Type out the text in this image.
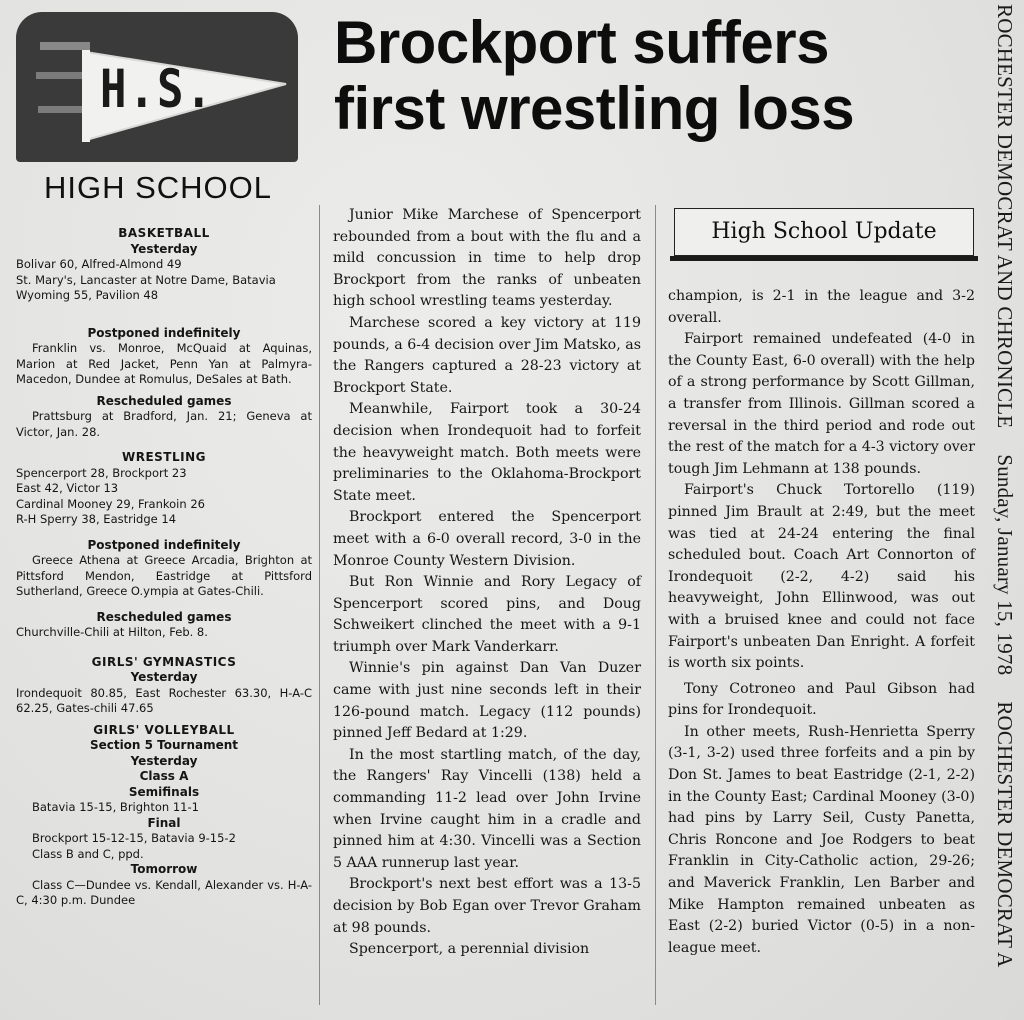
H.S.
HIGH SCHOOL
BASKETBALL
Yesterday
Bolivar 60, Alfred-Almond 49
St. Mary's, Lancaster at Notre Dame, Batavia
Wyoming 55, Pavilion 48
Postponed indefinitely
Franklin vs. Monroe, McQuaid at Aquinas, Marion at Red Jacket, Penn Yan at Palmyra-Macedon, Dundee at Romulus, DeSales at Bath.
Rescheduled games
Prattsburg at Bradford, Jan. 21; Geneva at Victor, Jan. 28.
WRESTLING
Spencerport 28, Brockport 23
East 42, Victor 13
Cardinal Mooney 29, Frankoin 26
R-H Sperry 38, Eastridge 14
Postponed indefinitely
Greece Athena at Greece Arcadia, Brighton at Pittsford Mendon, Eastridge at Pittsford Sutherland, Greece O.ympia at Gates-Chili.
Rescheduled games
Churchville-Chili at Hilton, Feb. 8.
GIRLS' GYMNASTICS
Yesterday
Irondequoit 80.85, East Rochester 63.30, H-A-C 62.25, Gates-chili 47.65
GIRLS' VOLLEYBALL
Section 5 Tournament
Yesterday
Class A
Semifinals
Batavia 15-15, Brighton 11-1
Final
Brockport 15-12-15, Batavia 9-15-2
Class B and C, ppd.
Tomorrow
Class C—Dundee vs. Kendall, Alexander vs. H-A-C, 4:30 p.m. Dundee
Brockport suffers
first wrestling loss

Junior Mike Marchese of Spencerport rebounded from a bout with the flu and a mild concussion in time to help drop Brockport from the ranks of unbeaten high school wrestling teams yesterday.

Marchese scored a key victory at 119 pounds, a 6-4 decision over Jim Matsko, as the Rangers captured a 28-23 victory at Brockport State.

Meanwhile, Fairport took a 30-24 decision when Irondequoit had to forfeit the heavyweight match. Both meets were preliminaries to the Oklahoma-Brockport State meet.

Brockport entered the Spencerport meet with a 6-0 overall record, 3-0 in the Monroe County Western Division.

But Ron Winnie and Rory Legacy of Spencerport scored pins, and Doug Schweikert clinched the meet with a 9-1 triumph over Mark Vanderkarr.

Winnie's pin against Dan Van Duzer came with just nine seconds left in their 126-pound match. Legacy (112 pounds) pinned Jeff Bedard at 1:29.

In the most startling match, of the day, the Rangers' Ray Vincelli (138) held a commanding 11-2 lead over John Irvine when Irvine caught him in a cradle and pinned him at 4:30. Vincelli was a Section 5 AAA runnerup last year.

Brockport's next best effort was a 13-5 decision by Bob Egan over Trevor Graham at 98 pounds.

Spencerport, a perennial division

High School Update

champion, is 2-1 in the league and 3-2 overall.

Fairport remained undefeated (4-0 in the County East, 6-0 overall) with the help of a strong performance by Scott Gillman, a transfer from Illinois. Gillman scored a reversal in the third period and rode out the rest of the match for a 4-3 victory over tough Jim Lehmann at 138 pounds.

Fairport's Chuck Tortorello (119) pinned Jim Brault at 2:49, but the meet was tied at 24-24 entering the final scheduled bout. Coach Art Connorton of Irondequoit (2-2, 4-2) said his heavyweight, John Ellinwood, was out with a bruised knee and could not face Fairport's unbeaten Dan Enright. A forfeit is worth six points.

Tony Cotroneo and Paul Gibson had pins for Irondequoit.

In other meets, Rush-Henrietta Sperry (3-1, 3-2) used three forfeits and a pin by Don St. James to beat Eastridge (2-1, 2-2) in the County East; Cardinal Mooney (3-0) had pins by Larry Seil, Custy Panetta, Chris Roncone and Joe Rodgers to beat Franklin in City-Catholic action, 29-26; and Maverick Franklin, Len Barber and Mike Hampton remained unbeaten as East (2-2) buried Victor (0-5) in a non-league meet.

ROCHESTER DEMOCRAT AND CHRONICLESunday, January 15, 1978ROCHESTER DEMOCRAT A
